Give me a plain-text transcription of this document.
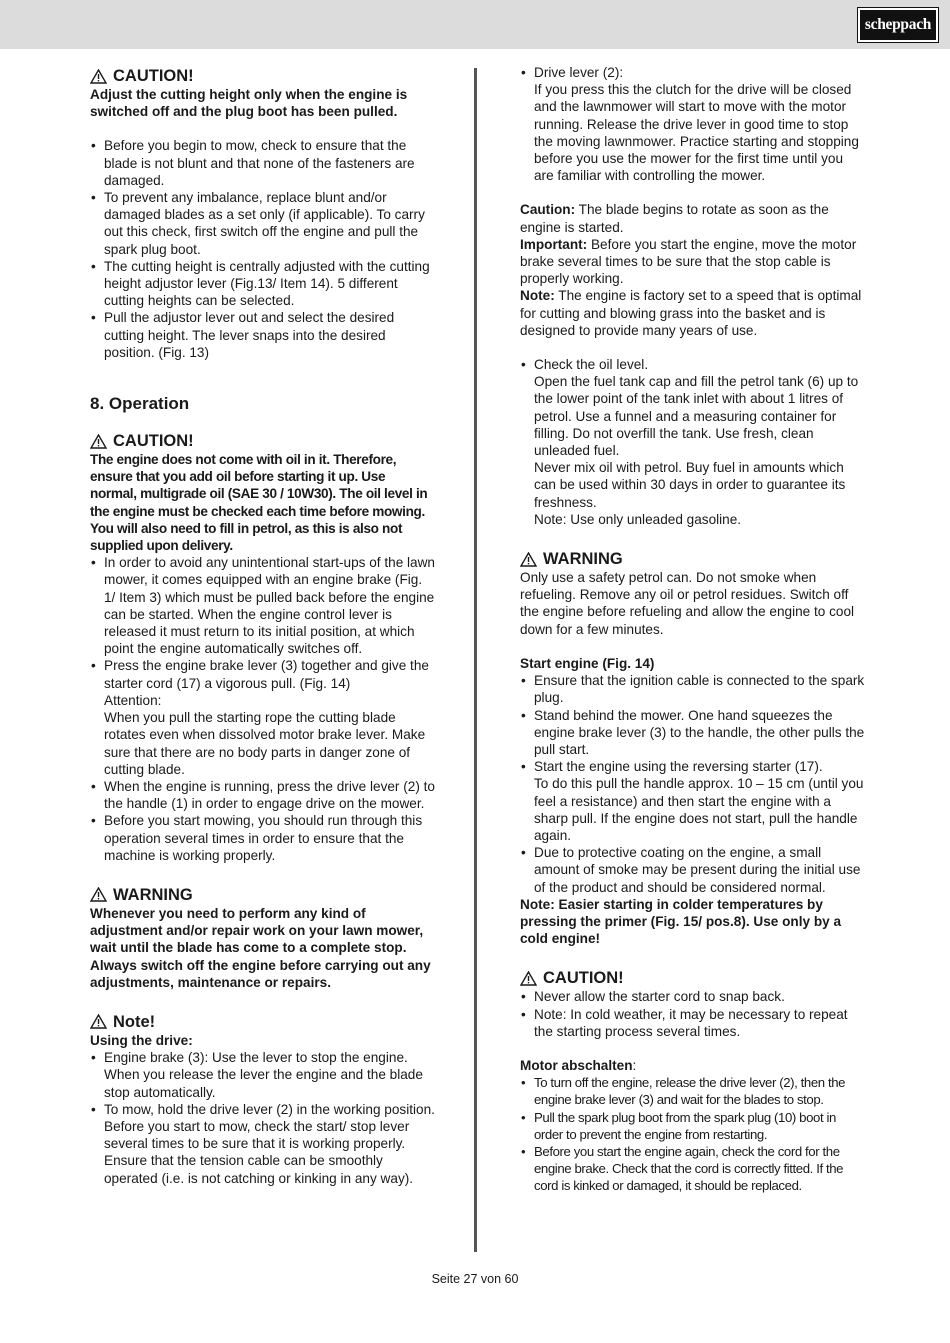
scheppach
CAUTION!

Adjust the cutting height only when the engine is switched off and the plug boot has been pulled.

• Before you begin to mow, check to ensure that the blade is not blunt and that none of the fasteners are damaged.
• To prevent any imbalance, replace blunt and/or damaged blades as a set only (if applicable). To carry out this check, first switch off the engine and pull the spark plug boot.
• The cutting height is centrally adjusted with the cutting height adjustor lever (Fig.13/ Item 14). 5 different cutting heights can be selected.
• Pull the adjustor lever out and select the desired cutting height. The lever snaps into the desired position. (Fig. 13)
8. Operation
CAUTION!

The engine does not come with oil in it. Therefore, ensure that you add oil before starting it up. Use normal, multigrade oil (SAE 30 / 10W30). The oil level in the engine must be checked each time before mowing.

You will also need to fill in petrol, as this is also not supplied upon delivery.

• In order to avoid any unintentional start-ups of the lawn mower, it comes equipped with an engine brake (Fig. 1/ Item 3) which must be pulled back before the engine can be started. When the engine control lever is released it must return to its initial position, at which point the engine automatically switches off.
• Press the engine brake lever (3) together and give the starter cord (17) a vigorous pull. (Fig. 14)
Attention:
When you pull the starting rope the cutting blade rotates even when dissolved motor brake lever. Make sure that there are no body parts in danger zone of cutting blade.
• When the engine is running, press the drive lever (2) to the handle (1) in order to engage drive on the mower.
• Before you start mowing, you should run through this operation several times in order to ensure that the machine is working properly.
WARNING

Whenever you need to perform any kind of adjustment and/or repair work on your lawn mower, wait until the blade has come to a complete stop. Always switch off the engine before carrying out any adjustments, maintenance or repairs.

Note!

Using the drive:

• Engine brake (3): Use the lever to stop the engine. When you release the lever the engine and the blade stop automatically.
• To mow, hold the drive lever (2) in the working position. Before you start to mow, check the start/ stop lever several times to be sure that it is working properly. Ensure that the tension cable can be smoothly operated (i.e. is not catching or kinking in any way).
• Drive lever (2):
If you press this the clutch for the drive will be closed and the lawnmower will start to move with the motor running. Release the drive lever in good time to stop the moving lawnmower. Practice starting and stopping before you use the mower for the first time until you are familiar with controlling the mower.

Caution: The blade begins to rotate as soon as the engine is started.

Important: Before you start the engine, move the motor brake several times to be sure that the stop cable is properly working.

Note: The engine is factory set to a speed that is optimal for cutting and blowing grass into the basket and is designed to provide many years of use.

• Check the oil level.
Open the fuel tank cap and fill the petrol tank (6) up to the lower point of the tank inlet with about 1 litres of petrol. Use a funnel and a measuring container for filling. Do not overfill the tank. Use fresh, clean unleaded fuel.
Never mix oil with petrol. Buy fuel in amounts which can be used within 30 days in order to guarantee its freshness.
Note: Use only unleaded gasoline.
WARNING

Only use a safety petrol can. Do not smoke when refueling. Remove any oil or petrol residues. Switch off the engine before refueling and allow the engine to cool down for a few minutes.

Start engine (Fig. 14)

• Ensure that the ignition cable is connected to the spark plug.
• Stand behind the mower. One hand squeezes the engine brake lever (3) to the handle, the other pulls the pull start.
• Start the engine using the reversing starter (17).
To do this pull the handle approx. 10 – 15 cm (until you feel a resistance) and then start the engine with a sharp pull. If the engine does not start, pull the handle again.
• Due to protective coating on the engine, a small amount of smoke may be present during the initial use of the product and should be considered normal.

Note: Easier starting in colder temperatures by pressing the primer (Fig. 15/ pos.8). Use only by a cold engine!

CAUTION!
• Never allow the starter cord to snap back.
• Note: In cold weather, it may be necessary to repeat the starting process several times.

Motor abschalten:

• To turn off the engine, release the drive lever (2), then the engine brake lever (3) and wait for the blades to stop.
• Pull the spark plug boot from the spark plug (10) boot in order to prevent the engine from restarting.
• Before you start the engine again, check the cord for the engine brake. Check that the cord is correctly fitted. If the cord is kinked or damaged, it should be replaced.
Seite 27 von 60
